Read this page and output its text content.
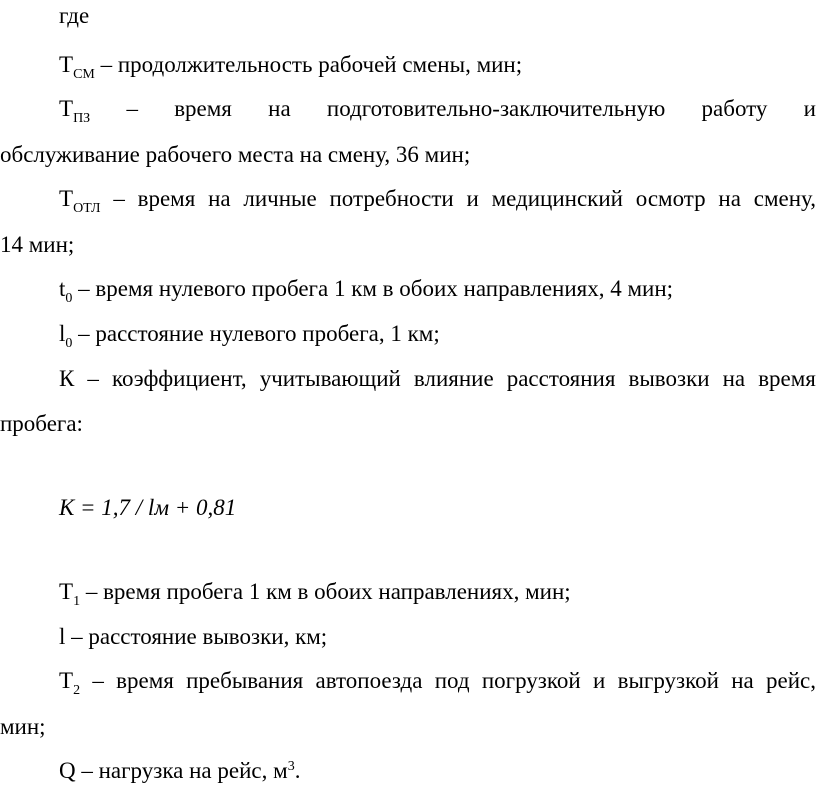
где
$Т_{СМ}$ – продолжительность рабочей смены, мин;
$Т_{ПЗ}$ – время на подготовительно-заключительную работу и
обслуживание рабочего места на смену, 36 мин;
$Т_{ОТЛ}$ – время на личные потребности и медицинский осмотр на смену,
14 мин;
$t_0$ – время нулевого пробега 1 км в обоих направлениях, 4 мин;
$l_0$ – расстояние нулевого пробега, 1 км;
К – коэффициент, учитывающий влияние расстояния вывозки на время
пробега:
К = 1,7 / lм + 0,81
$Т_1$ – время пробега 1 км в обоих направлениях, мин;
l – расстояние вывозки, км;
$Т_2$ – время пребывания автопоезда под погрузкой и выгрузкой на рейс,
мин;
Q – нагрузка на рейс, $м^3$.
